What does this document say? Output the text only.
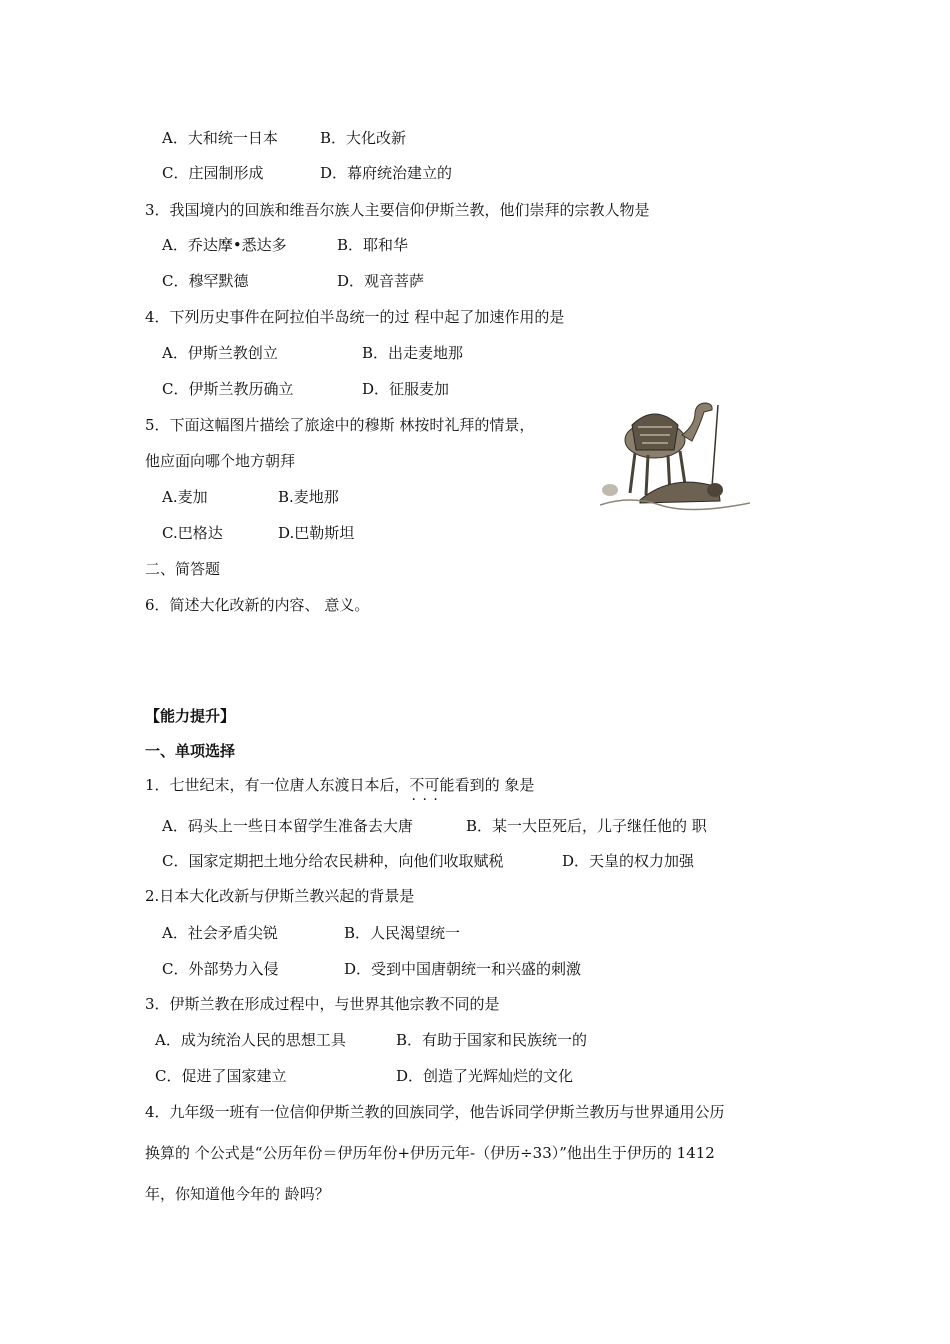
A．大和统一日本	B．大化改新
C．庄园制形成	D．幕府统治建立的
3．我国境内的回族和维吾尔族人主要信仰伊斯兰教，他们崇拜的宗教人物是
A．乔达摩•悉达多	B．耶和华
C．穆罕默德	D．观音菩萨
4．下列历史事件在阿拉伯半岛统一的过 程中起了加速作用的是
A．伊斯兰教创立	B．出走麦地那
C．伊斯兰教历确立	D．征服麦加
5．下面这幅图片描绘了旅途中的穆斯 林按时礼拜的情景，
他应面向哪个地方朝拜
A.麦加	B.麦地那
C.巴格达	D.巴勒斯坦
二、简答题
6．简述大化改新的内容、 意义。
【能力提升】
一、单项选择
1．七世纪末，有一位唐人东渡日本后，不可能 · · ·看到的 象是
A．码头上一些日本留学生准备去大唐	B．某一大臣死后，儿子继任他的 职
C．国家定期把土地分给农民耕种，向他们收取赋税	D．天皇的权力加强
2.日本大化改新与伊斯兰教兴起的背景是
A．社会矛盾尖锐	B．人民渴望统一
C．外部势力入侵	D．受到中国唐朝统一和兴盛的刺激
3．伊斯兰教在形成过程中，与世界其他宗教不同的是
A．成为统治人民的思想工具	B．有助于国家和民族统一的
C．促进了国家建立	D．创造了光辉灿烂的文化
4．九年级一班有一位信仰伊斯兰教的回族同学，他告诉同学伊斯兰教历与世界通用公历
换算的 个公式是“公历年份＝伊历年份+伊历元年-（伊历÷33）”他出生于伊历的 1412
年，你知道他今年的 龄吗？
